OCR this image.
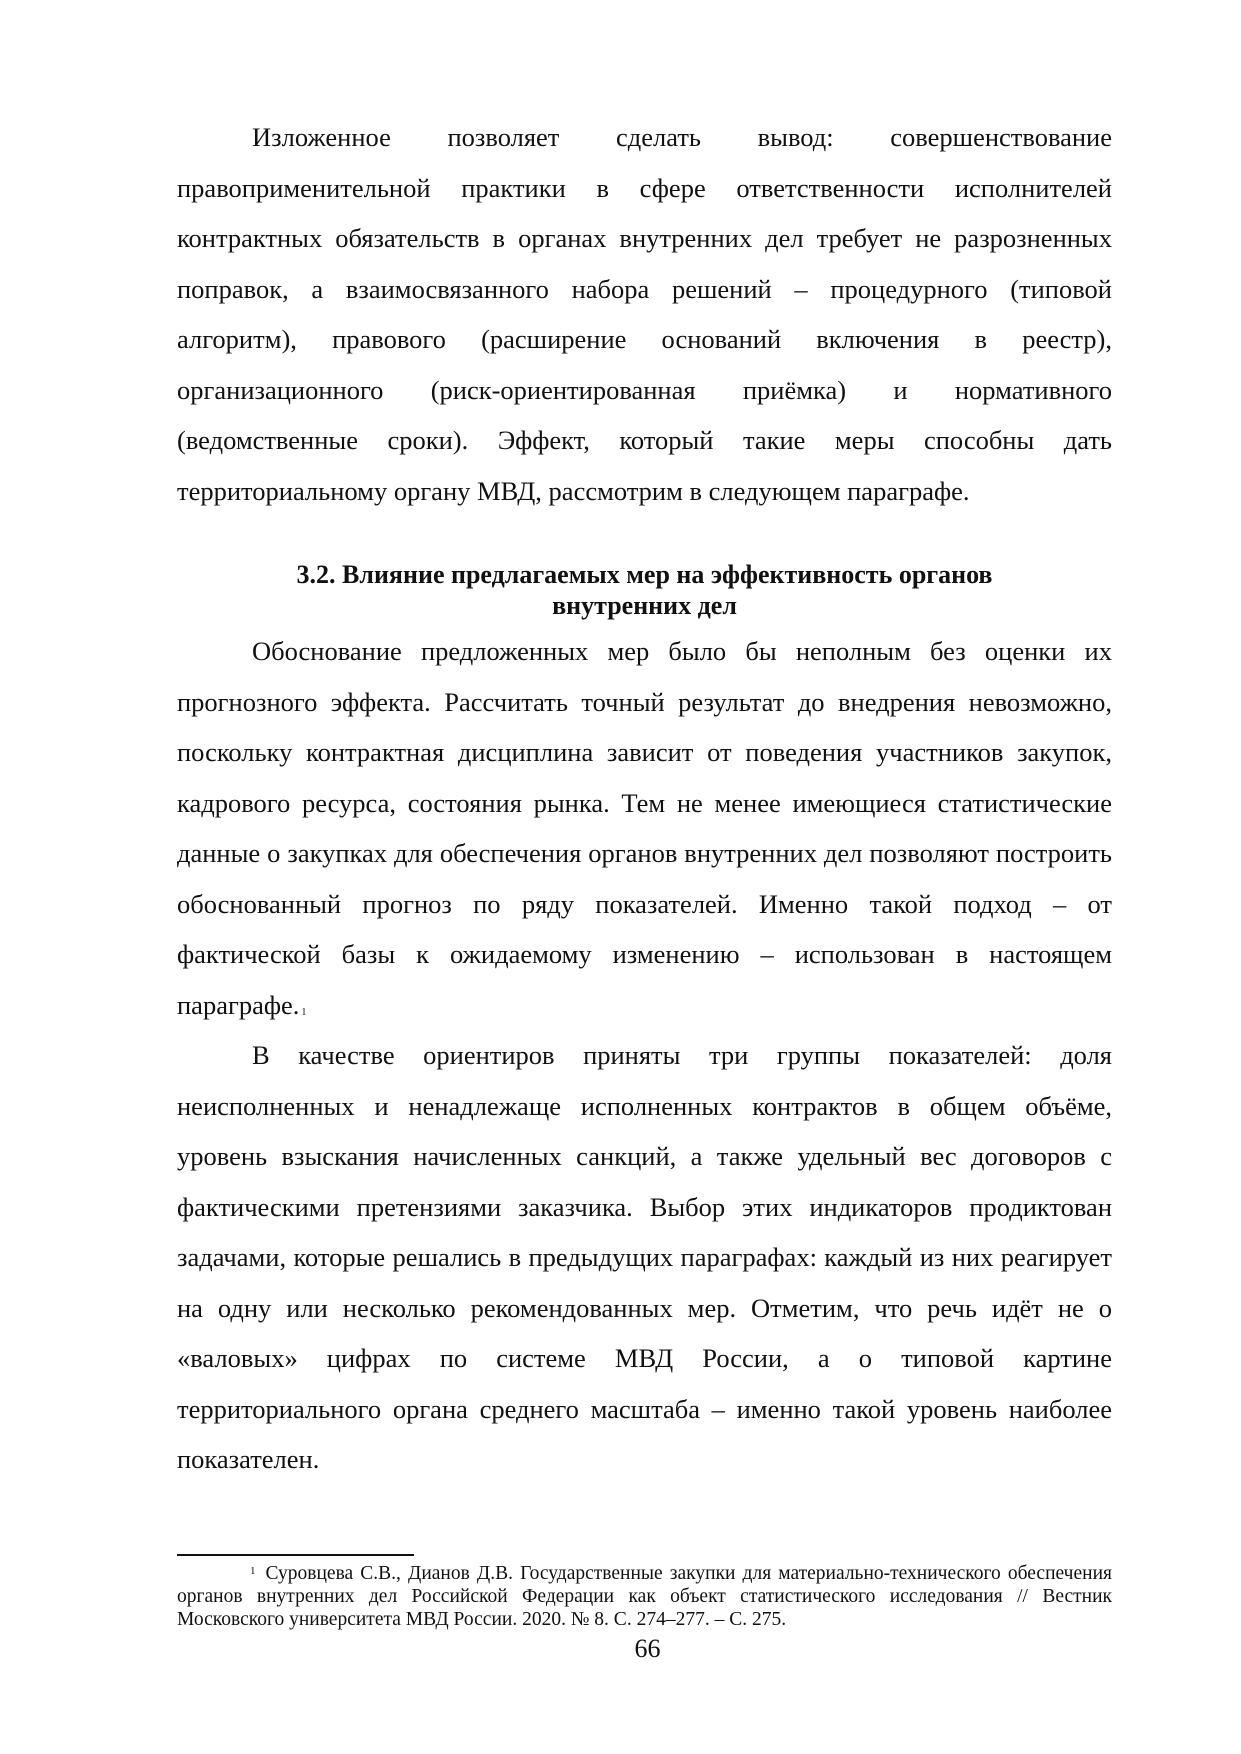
Изложенное позволяет сделать вывод: совершенствование правоприменительной практики в сфере ответственности исполнителей контрактных обязательств в органах внутренних дел требует не разрозненных поправок, а взаимосвязанного набора решений – процедурного (типовой алгоритм), правового (расширение оснований включения в реестр), организационного (риск-ориентированная приёмка) и нормативного (ведомственные сроки). Эффект, который такие меры способны дать территориальному органу МВД, рассмотрим в следующем параграфе.

3.2. Влияние предлагаемых мер на эффективность органов
внутренних дел

Обоснование предложенных мер было бы неполным без оценки их прогнозного эффекта. Рассчитать точный результат до внедрения невозможно, поскольку контрактная дисциплина зависит от поведения участников закупок, кадрового ресурса, состояния рынка. Тем не менее имеющиеся статистические данные о закупках для обеспечения органов внутренних дел позволяют построить обоснованный прогноз по ряду показателей. Именно такой подход – от фактической базы к ожидаемому изменению – использован в настоящем параграфе. $^1$

В качестве ориентиров приняты три группы показателей: доля неисполненных и ненадлежаще исполненных контрактов в общем объёме, уровень взыскания начисленных санкций, а также удельный вес договоров с фактическими претензиями заказчика. Выбор этих индикаторов продиктован задачами, которые решались в предыдущих параграфах: каждый из них реагирует на одну или несколько рекомендованных мер. Отметим, что речь идёт не о «валовых» цифрах по системе МВД России, а о типовой картине территориального органа среднего масштаба – именно такой уровень наиболее показателен.

$^1$ Суровцева С.В., Дианов Д.В. Государственные закупки для материально-технического обеспечения органов внутренних дел Российской Федерации как объект статистического исследования // Вестник Московского университета МВД России. 2020. № 8. С. 274–277. – С. 275.

66
